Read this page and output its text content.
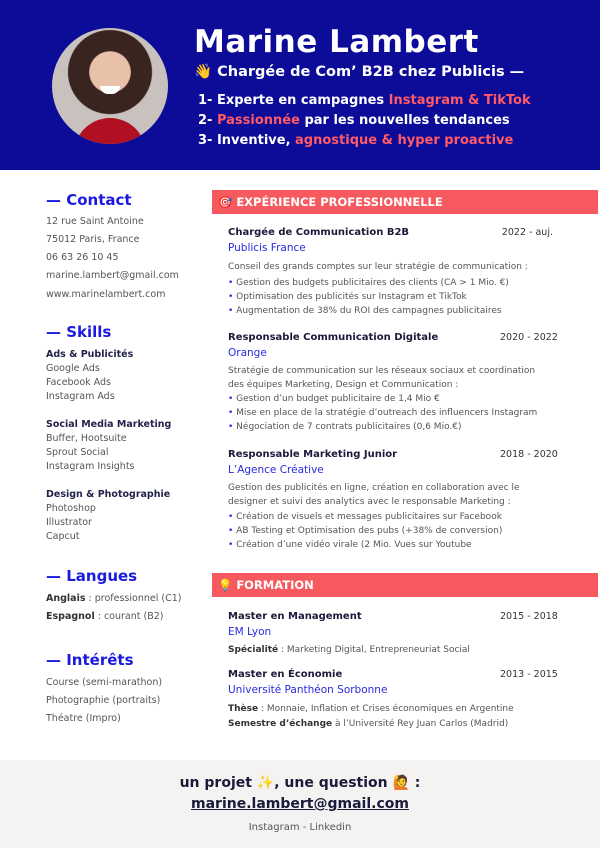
Marine Lambert
👋 Chargée de Com’ B2B chez Publicis —
1- Experte en campagnes Instagram & TikTok
2- Passionnée par les nouvelles tendances
3- Inventive, agnostique & hyper proactive
— Contact
12 rue Saint Antoine
75012 Paris, France
06 63 26 10 45
marine.lambert@gmail.com
www.marinelambert.com
— Skills
Ads & Publicités
Google Ads
Facebook Ads
Instagram Ads
Social Media Marketing
Buffer, Hootsuite
Sprout Social
Instagram Insights
Design & Photographie
Photoshop
Illustrator
Capcut
— Langues
Anglais : professionnel (C1)
Espagnol : courant (B2)
— Intérêts
Course (semi-marathon)
Photographie (portraits)
Théatre (Impro)
🎯 EXPÉRIENCE PROFESSIONNELLE
Chargée de Communication B2B	2022 - auj.
Publicis France
Conseil des grands comptes sur leur stratégie de communication :
• Gestion des budgets publicitaires des clients (CA > 1 Mio. €)
• Optimisation des publicités sur Instagram et TikTok
• Augmentation de 38% du ROI des campagnes publicitaires
Responsable Communication Digitale	2020 - 2022
Orange
Stratégie de communication sur les réseaux sociaux et coordination
des équipes Marketing, Design et Communication :
• Gestion d’un budget publicitaire de 1,4 Mio €
• Mise en place de la stratégie d’outreach des influencers Instagram
• Négociation de 7 contrats publicitaires (0,6 Mio.€)
Responsable Marketing Junior	2018 - 2020
L’Agence Créative
Gestion des publicités en ligne, création en collaboration avec le
designer et suivi des analytics avec le responsable Marketing :
• Création de visuels et messages publicitaires sur Facebook
• AB Testing et Optimisation des pubs (+38% de conversion)
• Création d’une vidéo virale (2 Mio. Vues sur Youtube
💡 FORMATION
Master en Management	2015 - 2018
EM Lyon
Spécialité : Marketing Digital, Entrepreneuriat Social
Master en Économie	2013 - 2015
Université Panthéon Sorbonne
Thèse : Monnaie, Inflation et Crises économiques en Argentine
Semestre d’échange à l’Université Rey Juan Carlos (Madrid)
un projet ✨, une question 🙋 :
marine.lambert@gmail.com
Instagram - Linkedin
